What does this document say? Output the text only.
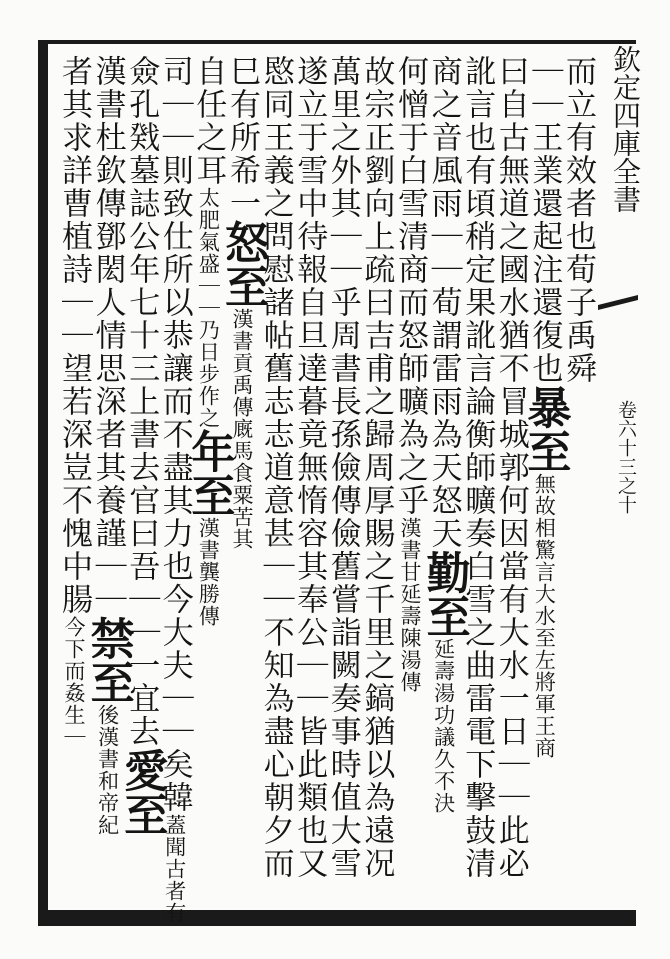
欽定四庫全書
卷六十三之十
而立有效者也荀子禹舜
｜｜王業還起注還復也暴至無故相驚言大水至左將軍王商
曰自古無道之國水猶不冒城郭何因當有大水一日｜｜此必
訛言也有頃稍定果訛言論衡師曠奏白雪之曲雷電下擊鼓清
商之音風雨｜｜荀謂雷雨為天怒天勤至延壽湯功議久不決
何憎于白雪清商而怒師曠為之乎漢書甘延壽陳湯傳
故宗正劉向上疏曰吉甫之歸周厚賜之千里之鎬猶以為遠况
萬里之外其｜｜乎周書長孫儉傳儉舊嘗詣闕奏事時值大雪
遂立于雪中待報自旦達暮竟無惰容其奉公｜｜皆此類也又
愍同王義之問慰諸帖舊志志道意甚｜｜不知為盡心朝夕而
巳有所希一怒至漢書貢禹傳廐馬食粟苦其
自任之耳太肥氣盛｜｜乃日步作之年至漢書龔勝傳
司｜｜則致仕所以恭讓而不盡其力也今大夫｜｜矣韓蓋聞古者有
僉孔戣墓誌公年七十三上書去官曰吾｜｜一宜去愛至
漢書杜欽傳鄧閎人情思深者其養謹｜｜禁至後漢書和帝紀
者其求詳曹植詩｜｜望若深豈不愧中腸今下而姦生｜
